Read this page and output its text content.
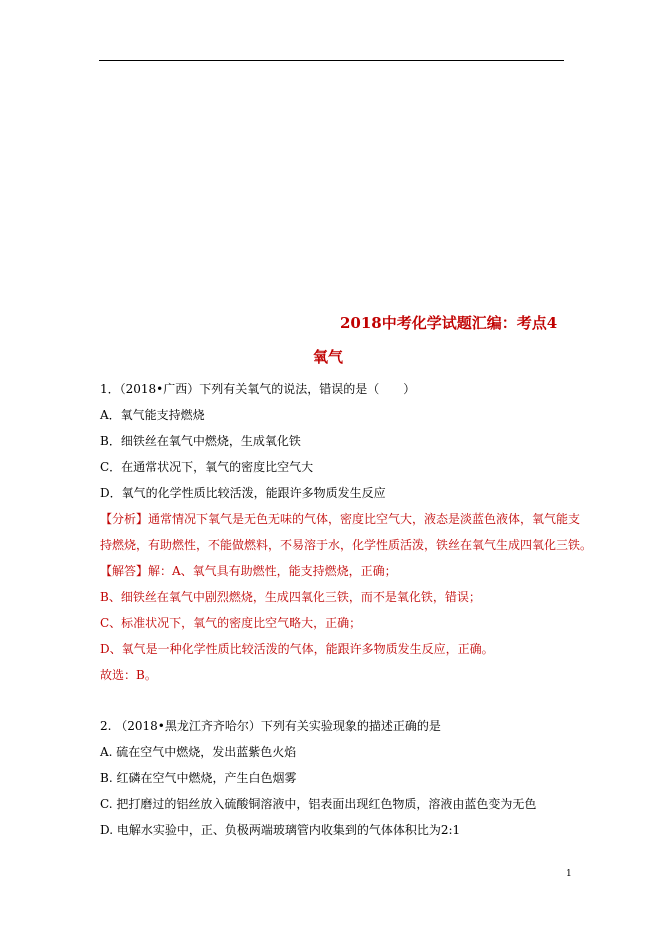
2018中考化学试题汇编：考点4
氧气
1．（2018•广西）下列有关氧气的说法，错误的是（　　）
A．氧气能支持燃烧
B．细铁丝在氧气中燃烧，生成氧化铁
C．在通常状况下，氧气的密度比空气大
D．氧气的化学性质比较活泼，能跟许多物质发生反应
【分析】通常情况下氧气是无色无味的气体，密度比空气大，液态是淡蓝色液体，氧气能支
持燃烧，有助燃性，不能做燃料，不易溶于水，化学性质活泼，铁丝在氧气生成四氧化三铁。
【解答】解：A、氧气具有助燃性，能支持燃烧，正确；
B、细铁丝在氧气中剧烈燃烧，生成四氧化三铁，而不是氧化铁，错误；
C、标准状况下，氧气的密度比空气略大，正确；
D、氧气是一种化学性质比较活泼的气体，能跟许多物质发生反应，正确。
故选：B。
2. （2018•黑龙江齐齐哈尔）下列有关实验现象的描述正确的是
A. 硫在空气中燃烧，发出蓝紫色火焰
B. 红磷在空气中燃烧，产生白色烟雾
C. 把打磨过的铝丝放入硫酸铜溶液中，铝表面出现红色物质，溶液由蓝色变为无色
D. 电解水实验中，正、负极两端玻璃管内收集到的气体体积比为2:1
1
